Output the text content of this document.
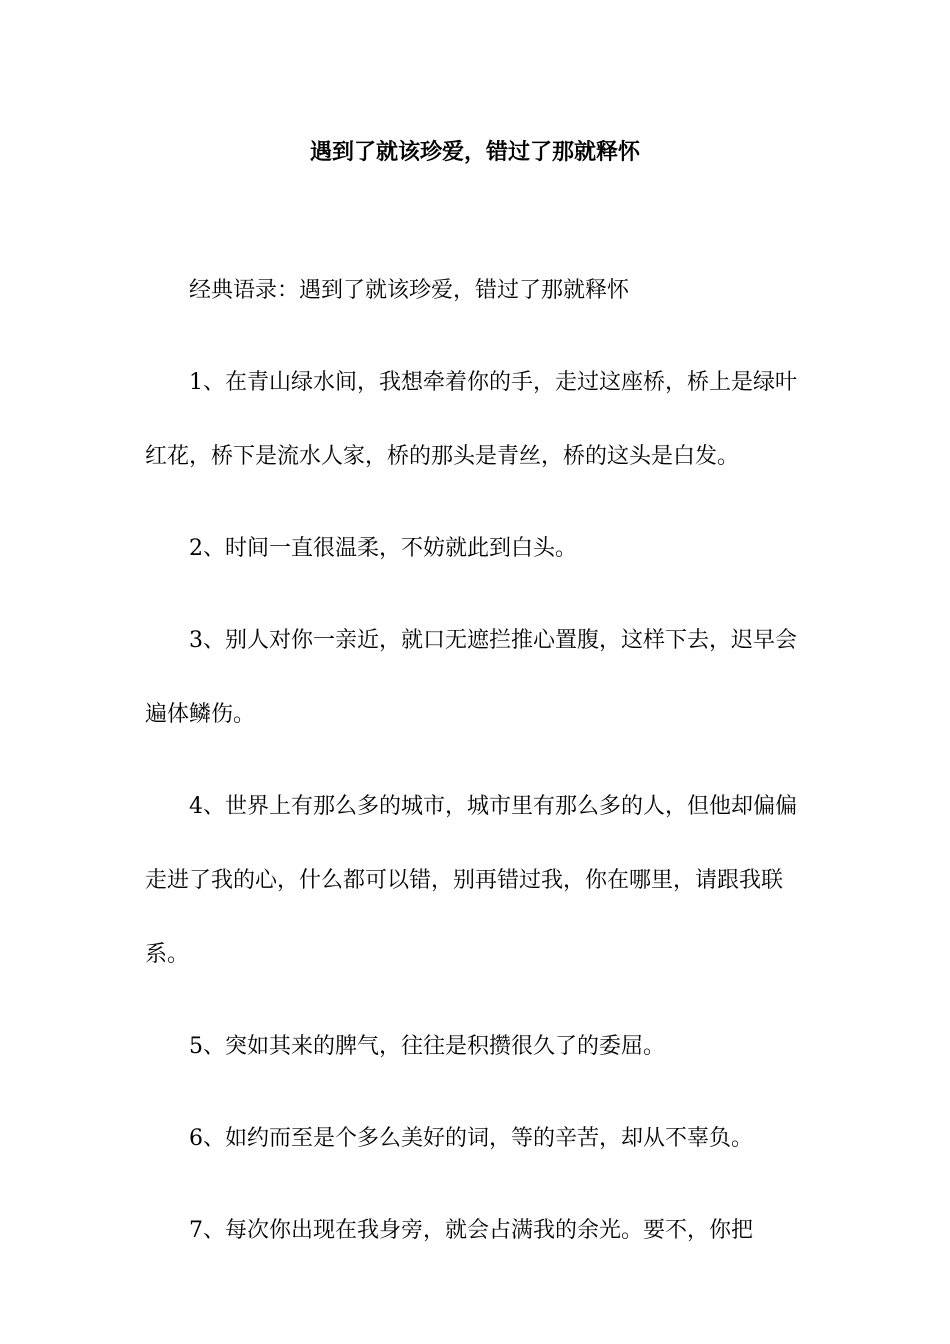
遇到了就该珍爱，错过了那就释怀

经典语录：遇到了就该珍爱，错过了那就释怀

1、在青山绿水间，我想牵着你的手，走过这座桥，桥上是绿叶红花，桥下是流水人家，桥的那头是青丝，桥的这头是白发。

2、时间一直很温柔，不妨就此到白头。

3、别人对你一亲近，就口无遮拦推心置腹，这样下去，迟早会遍体鳞伤。

4、世界上有那么多的城市，城市里有那么多的人，但他却偏偏走进了我的心，什么都可以错，别再错过我，你在哪里，请跟我联系。

5、突如其来的脾气，往往是积攒很久了的委屈。

6、如约而至是个多么美好的词，等的辛苦，却从不辜负。

7、每次你出现在我身旁，就会占满我的余光。要不，你把
